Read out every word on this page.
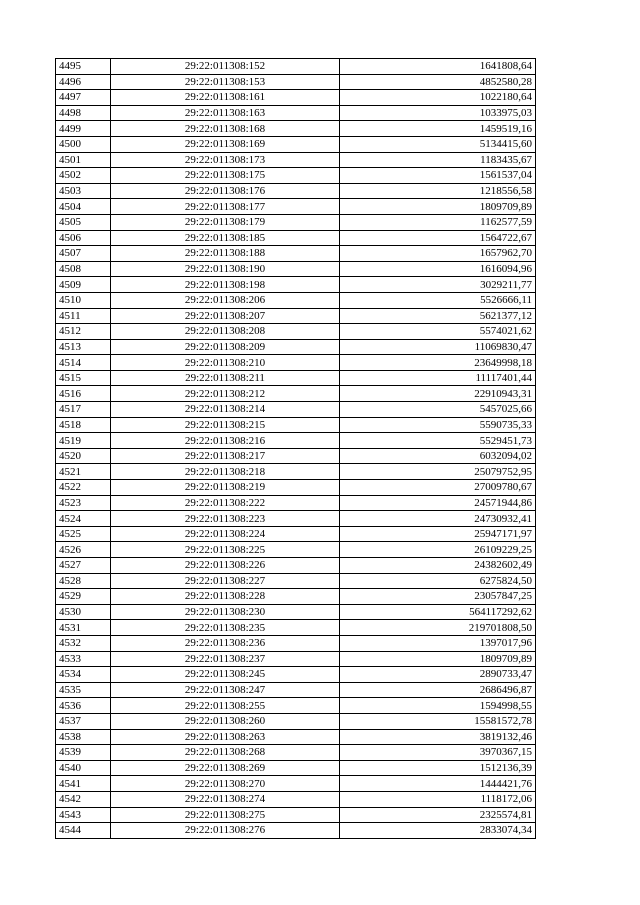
4495	29:22:011308:152	1641808,64
4496	29:22:011308:153	4852580,28
4497	29:22:011308:161	1022180,64
4498	29:22:011308:163	1033975,03
4499	29:22:011308:168	1459519,16
4500	29:22:011308:169	5134415,60
4501	29:22:011308:173	1183435,67
4502	29:22:011308:175	1561537,04
4503	29:22:011308:176	1218556,58
4504	29:22:011308:177	1809709,89
4505	29:22:011308:179	1162577,59
4506	29:22:011308:185	1564722,67
4507	29:22:011308:188	1657962,70
4508	29:22:011308:190	1616094,96
4509	29:22:011308:198	3029211,77
4510	29:22:011308:206	5526666,11
4511	29:22:011308:207	5621377,12
4512	29:22:011308:208	5574021,62
4513	29:22:011308:209	11069830,47
4514	29:22:011308:210	23649998,18
4515	29:22:011308:211	11117401,44
4516	29:22:011308:212	22910943,31
4517	29:22:011308:214	5457025,66
4518	29:22:011308:215	5590735,33
4519	29:22:011308:216	5529451,73
4520	29:22:011308:217	6032094,02
4521	29:22:011308:218	25079752,95
4522	29:22:011308:219	27009780,67
4523	29:22:011308:222	24571944,86
4524	29:22:011308:223	24730932,41
4525	29:22:011308:224	25947171,97
4526	29:22:011308:225	26109229,25
4527	29:22:011308:226	24382602,49
4528	29:22:011308:227	6275824,50
4529	29:22:011308:228	23057847,25
4530	29:22:011308:230	564117292,62
4531	29:22:011308:235	219701808,50
4532	29:22:011308:236	1397017,96
4533	29:22:011308:237	1809709,89
4534	29:22:011308:245	2890733,47
4535	29:22:011308:247	2686496,87
4536	29:22:011308:255	1594998,55
4537	29:22:011308:260	15581572,78
4538	29:22:011308:263	3819132,46
4539	29:22:011308:268	3970367,15
4540	29:22:011308:269	1512136,39
4541	29:22:011308:270	1444421,76
4542	29:22:011308:274	1118172,06
4543	29:22:011308:275	2325574,81
4544	29:22:011308:276	2833074,34
